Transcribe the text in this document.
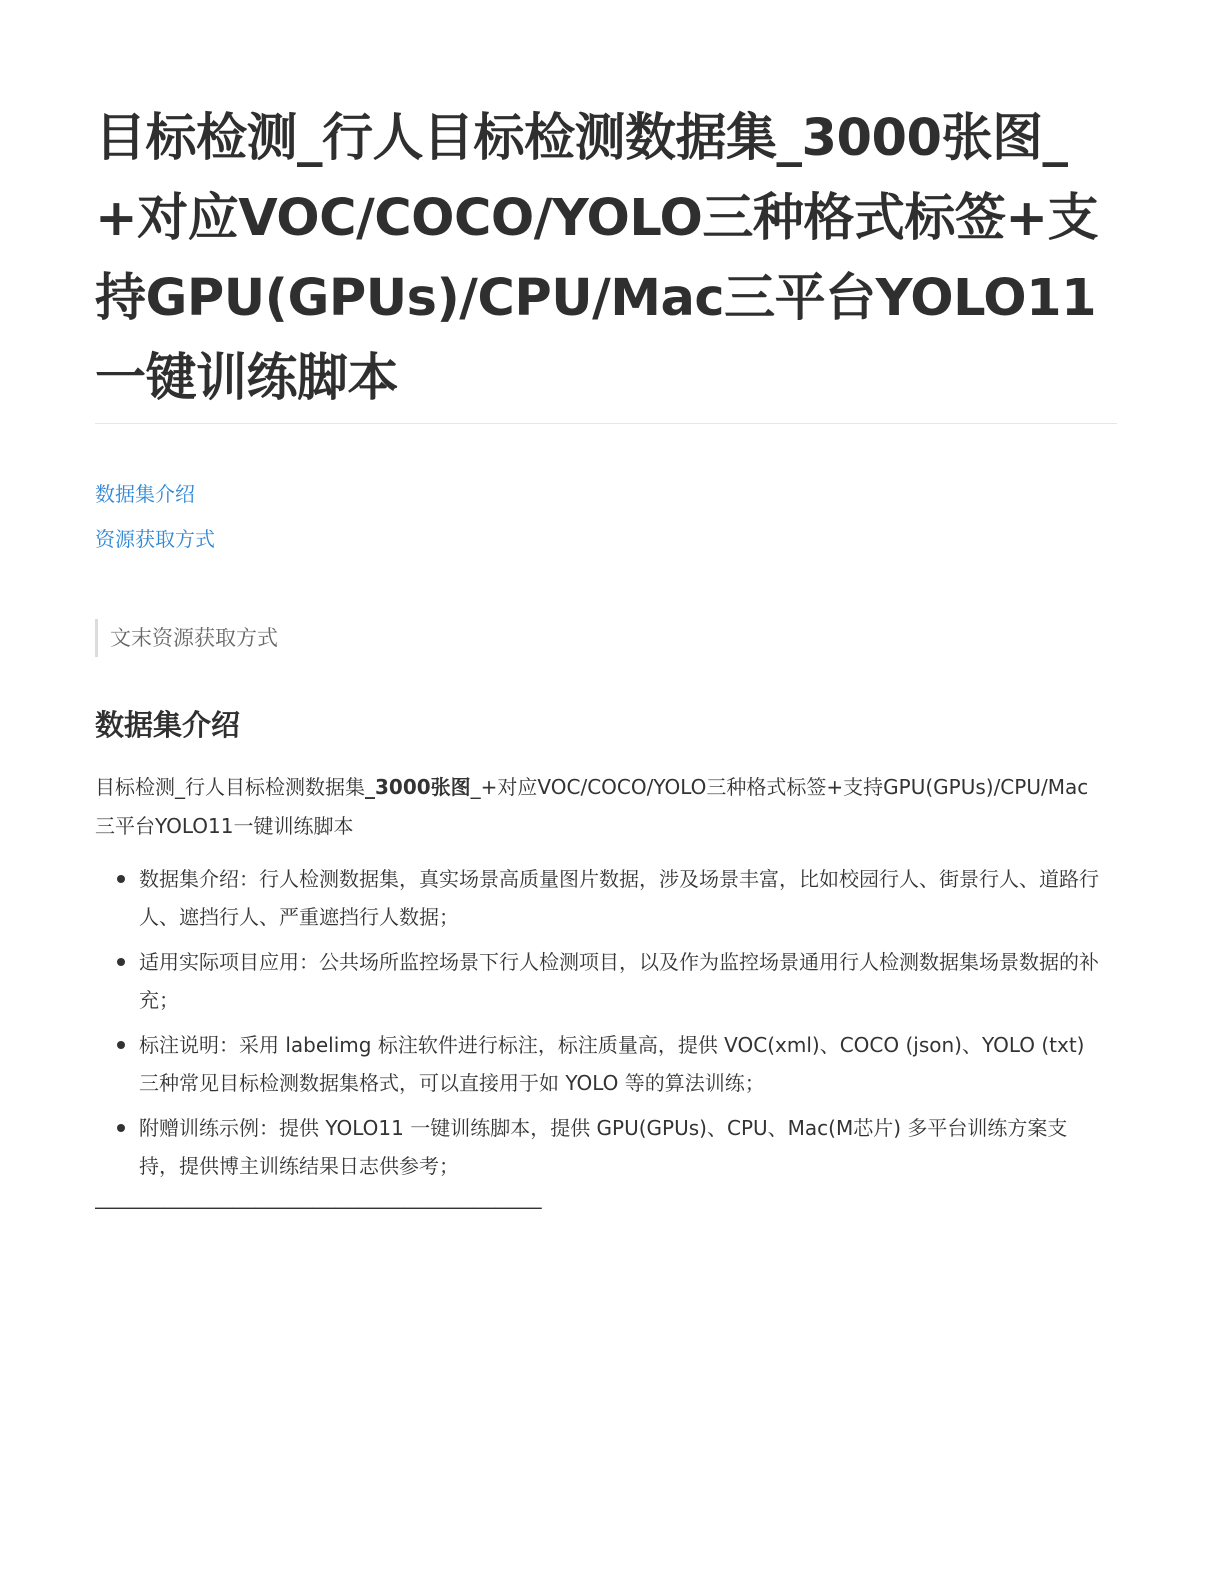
目标检测_行人目标检测数据集_3000张图_+对应VOC/COCO/YOLO三种格式标签+支持GPU(GPUs)/CPU/Mac三平台YOLO11一键训练脚本
数据集介绍
资源获取方式
文末资源获取方式
数据集介绍

目标检测_行人目标检测数据集_3000张图_+对应VOC/COCO/YOLO三种格式标签+支持GPU(GPUs)/CPU/Mac三平台YOLO11一键训练脚本

数据集介绍：行人检测数据集，真实场景高质量图片数据，涉及场景丰富，比如校园行人、街景行人、道路行人、遮挡行人、严重遮挡行人数据；
适用实际项目应用：公共场所监控场景下行人检测项目，以及作为监控场景通用行人检测数据集场景数据的补充；
标注说明：采用 labelimg 标注软件进行标注，标注质量高，提供 VOC(xml)、COCO (json)、YOLO (txt) 三种常见目标检测数据集格式，可以直接用于如 YOLO 等的算法训练；
附赠训练示例：提供 YOLO11 一键训练脚本，提供 GPU(GPUs)、CPU、Mac(M芯片) 多平台训练方案支持，提供博主训练结果日志供参考；
———————————————————————————————————————
